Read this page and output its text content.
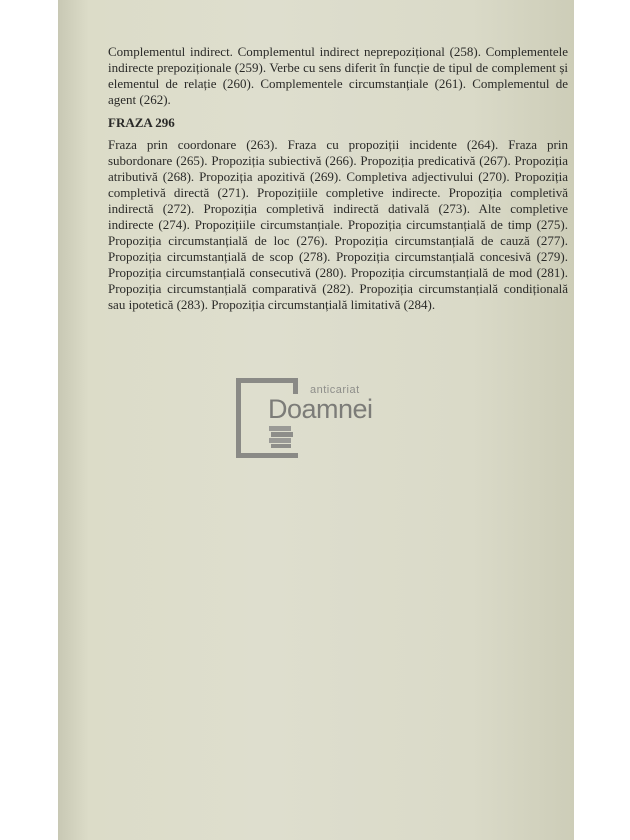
Complementul indirect. Complementul indirect neprepozițional (258). Complementele indirecte prepoziționale (259). Verbe cu sens diferit în funcție de tipul de complement și elementul de relație (260). Complementele circumstanțiale (261). Complementul de agent (262).
FRAZA 296
Fraza prin coordonare (263). Fraza cu propoziții incidente (264). Fraza prin subordonare (265). Propoziția subiectivă (266). Propoziția predicativă (267). Propoziția atributivă (268). Propoziția apozitivă (269). Completiva adjectivului (270). Propoziția completivă directă (271). Propozițiile completive indirecte. Propoziția completivă indirectă (272). Propoziția completivă indirectă dativală (273). Alte completive indirecte (274). Propozițiile circumstanțiale. Propoziția circumstanțială de timp (275). Propoziția circumstanțială de loc (276). Propoziția circumstanțială de cauză (277). Propoziția circumstanțială de scop (278). Propoziția circumstanțială concesivă (279). Propoziția circumstanțială consecutivă (280). Propoziția circumstanțială de mod (281). Propoziția circumstanțială comparativă (282). Propoziția circumstanțială condițională sau ipotetică (283). Propoziția circumstanțială limitativă (284).
anticariat
Doamnei
